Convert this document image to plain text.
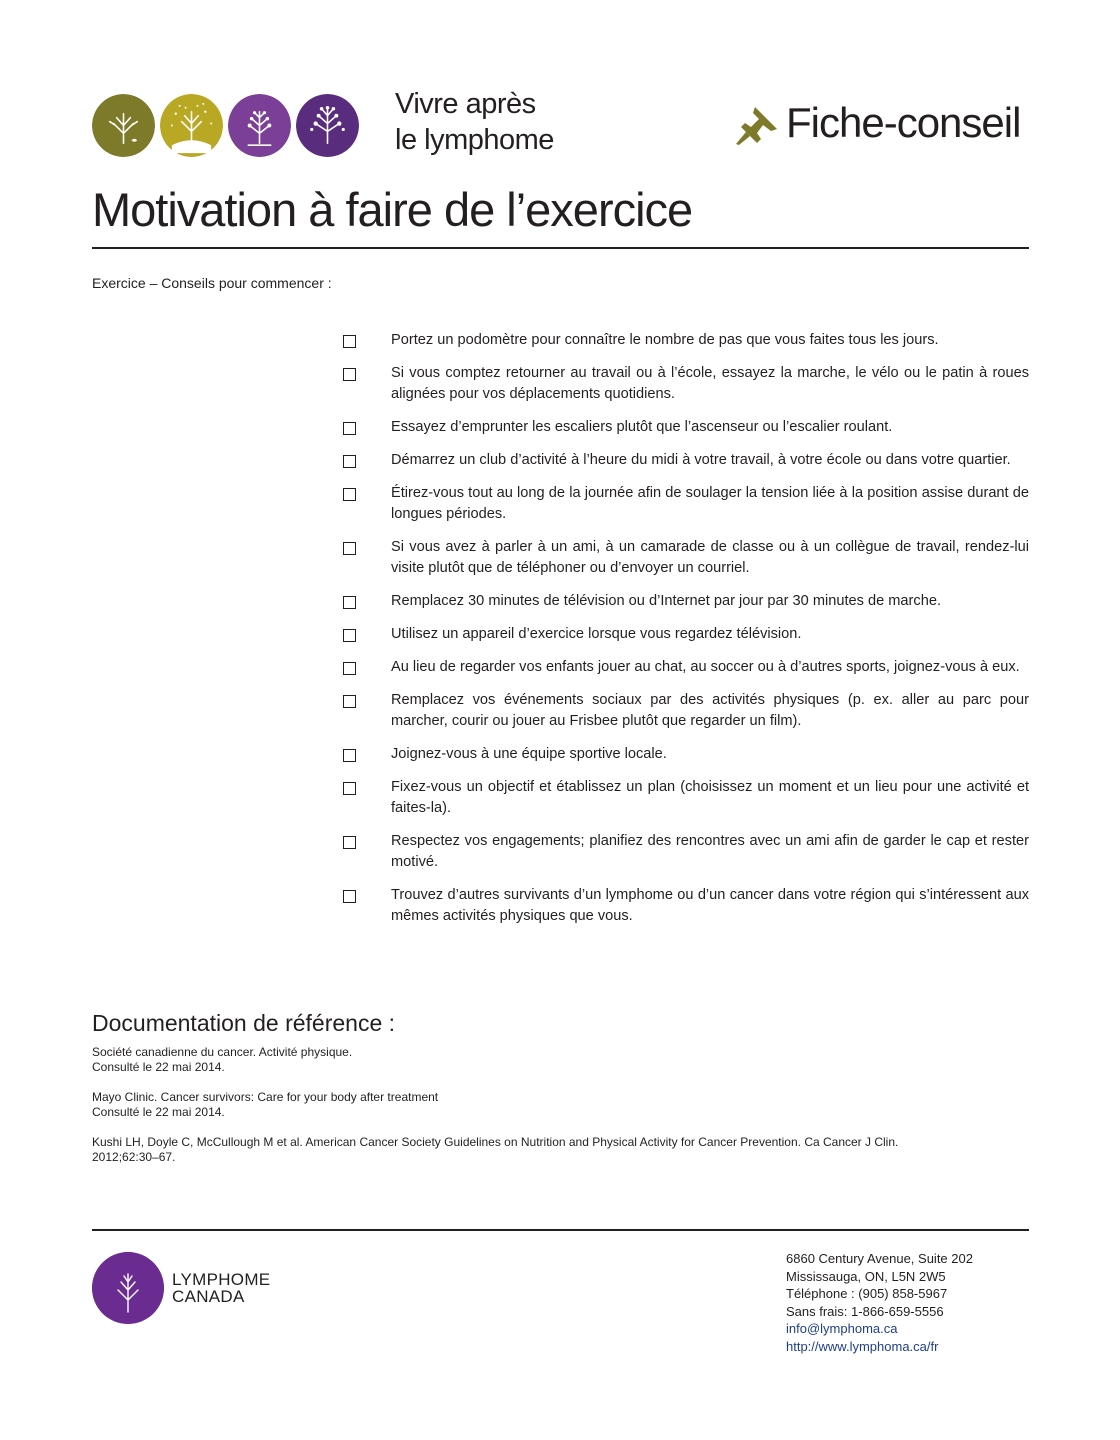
Vivre après
le lymphome	Fiche-conseil
Motivation à faire de l’exercice
Exercice – Conseils pour commencer :
Portez un podomètre pour connaître le nombre de pas que vous faites tous les jours.
Si vous comptez retourner au travail ou à l’école, essayez la marche, le vélo ou le patin à roues alignées pour vos déplacements quotidiens.
Essayez d’emprunter les escaliers plutôt que l’ascenseur ou l’escalier roulant.
Démarrez un club d’activité à l’heure du midi à votre travail, à votre école ou dans votre quartier.
Étirez-vous tout au long de la journée afin de soulager la tension liée à la position assise durant de longues périodes.
Si vous avez à parler à un ami, à un camarade de classe ou à un collègue de travail, rendez-lui visite plutôt que de téléphoner ou d’envoyer un courriel.
Remplacez 30 minutes de télévision ou d’Internet par jour par 30 minutes de marche.
Utilisez un appareil d’exercice lorsque vous regardez télévision.
Au lieu de regarder vos enfants jouer au chat, au soccer ou à d’autres sports, joignez-vous à eux.
Remplacez vos événements sociaux par des activités physiques (p. ex. aller au parc pour marcher, courir ou jouer au Frisbee plutôt que regarder un film).
Joignez-vous à une équipe sportive locale.
Fixez-vous un objectif et établissez un plan (choisissez un moment et un lieu pour une activité et faites-la).
Respectez vos engagements; planifiez des rencontres avec un ami afin de garder le cap et rester motivé.
Trouvez d’autres survivants d’un lymphome ou d’un cancer dans votre région qui s’intéressent aux mêmes activités physiques que vous.
Documentation de référence :
Société canadienne du cancer. Activité physique.
Consulté le 22 mai 2014.
Mayo Clinic. Cancer survivors: Care for your body after treatment
Consulté le 22 mai 2014.
Kushi LH, Doyle C, McCullough M et al. American Cancer Society Guidelines on Nutrition and Physical Activity for Cancer Prevention. Ca Cancer J Clin.
2012;62:30–67.
LYMPHOME
CANADA
6860 Century Avenue, Suite 202
Mississauga, ON, L5N 2W5
Téléphone : (905) 858-5967
Sans frais: 1-866-659-5556
info@lymphoma.ca
http://www.lymphoma.ca/fr
